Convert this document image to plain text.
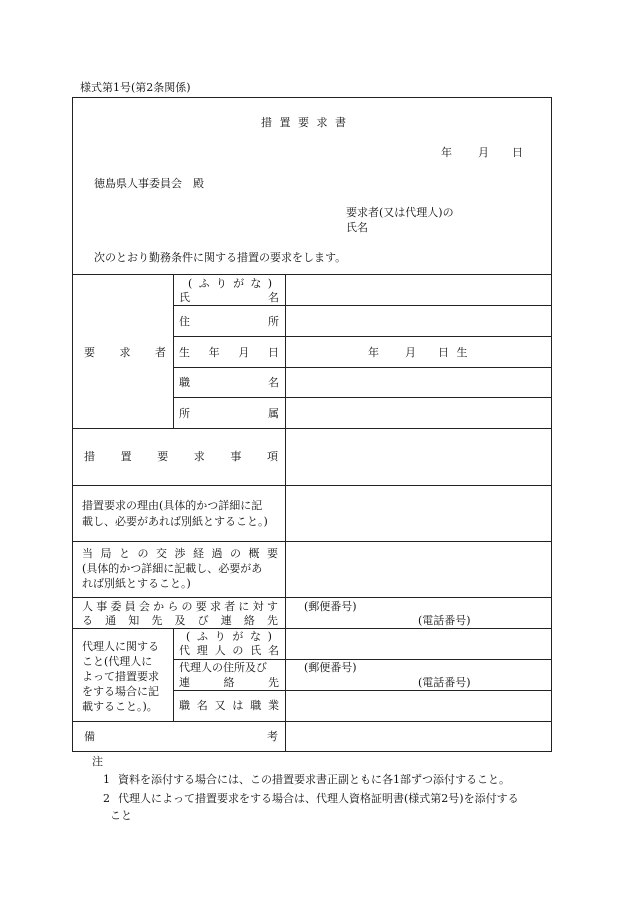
様式第1号(第2条関係)
措 置 要 求 書
年 月 日
徳島県人事委員会　殿
要求者(又は代理人)の
氏名
次のとおり勤務条件に関する措置の要求をします。
要 求 者
( ふ り が な )
氏	名
住	所
生 年 月 日	年 月 日 生
職	名
所	属
措 置 要 求 事 項
措置要求の理由(具体的かつ詳細に記
載し、必要があれば別紙とすること。)
当 局 と の 交 渉 経 過 の 概 要
(具体的かつ詳細に記載し、必要があ
れば別紙とすること。)
人 事 委 員 会 か ら の 要 求 者 に 対 す
る 通 知 先 及 び 連 絡 先
(郵便番号)
(電話番号)
代理人に関する
こと(代理人に
よって措置要求
をする場合に記
載すること。)。
( ふ り が な )
代 理 人 の 氏 名
代理人の住所及び
連	絡	先
(郵便番号)
(電話番号)
職 名 又 は 職 業
備	考
注
1 資料を添付する場合には、この措置要求書正副ともに各1部ずつ添付すること。
2 代理人によって措置要求をする場合は、代理人資格証明書(様式第2号)を添付する
こと
